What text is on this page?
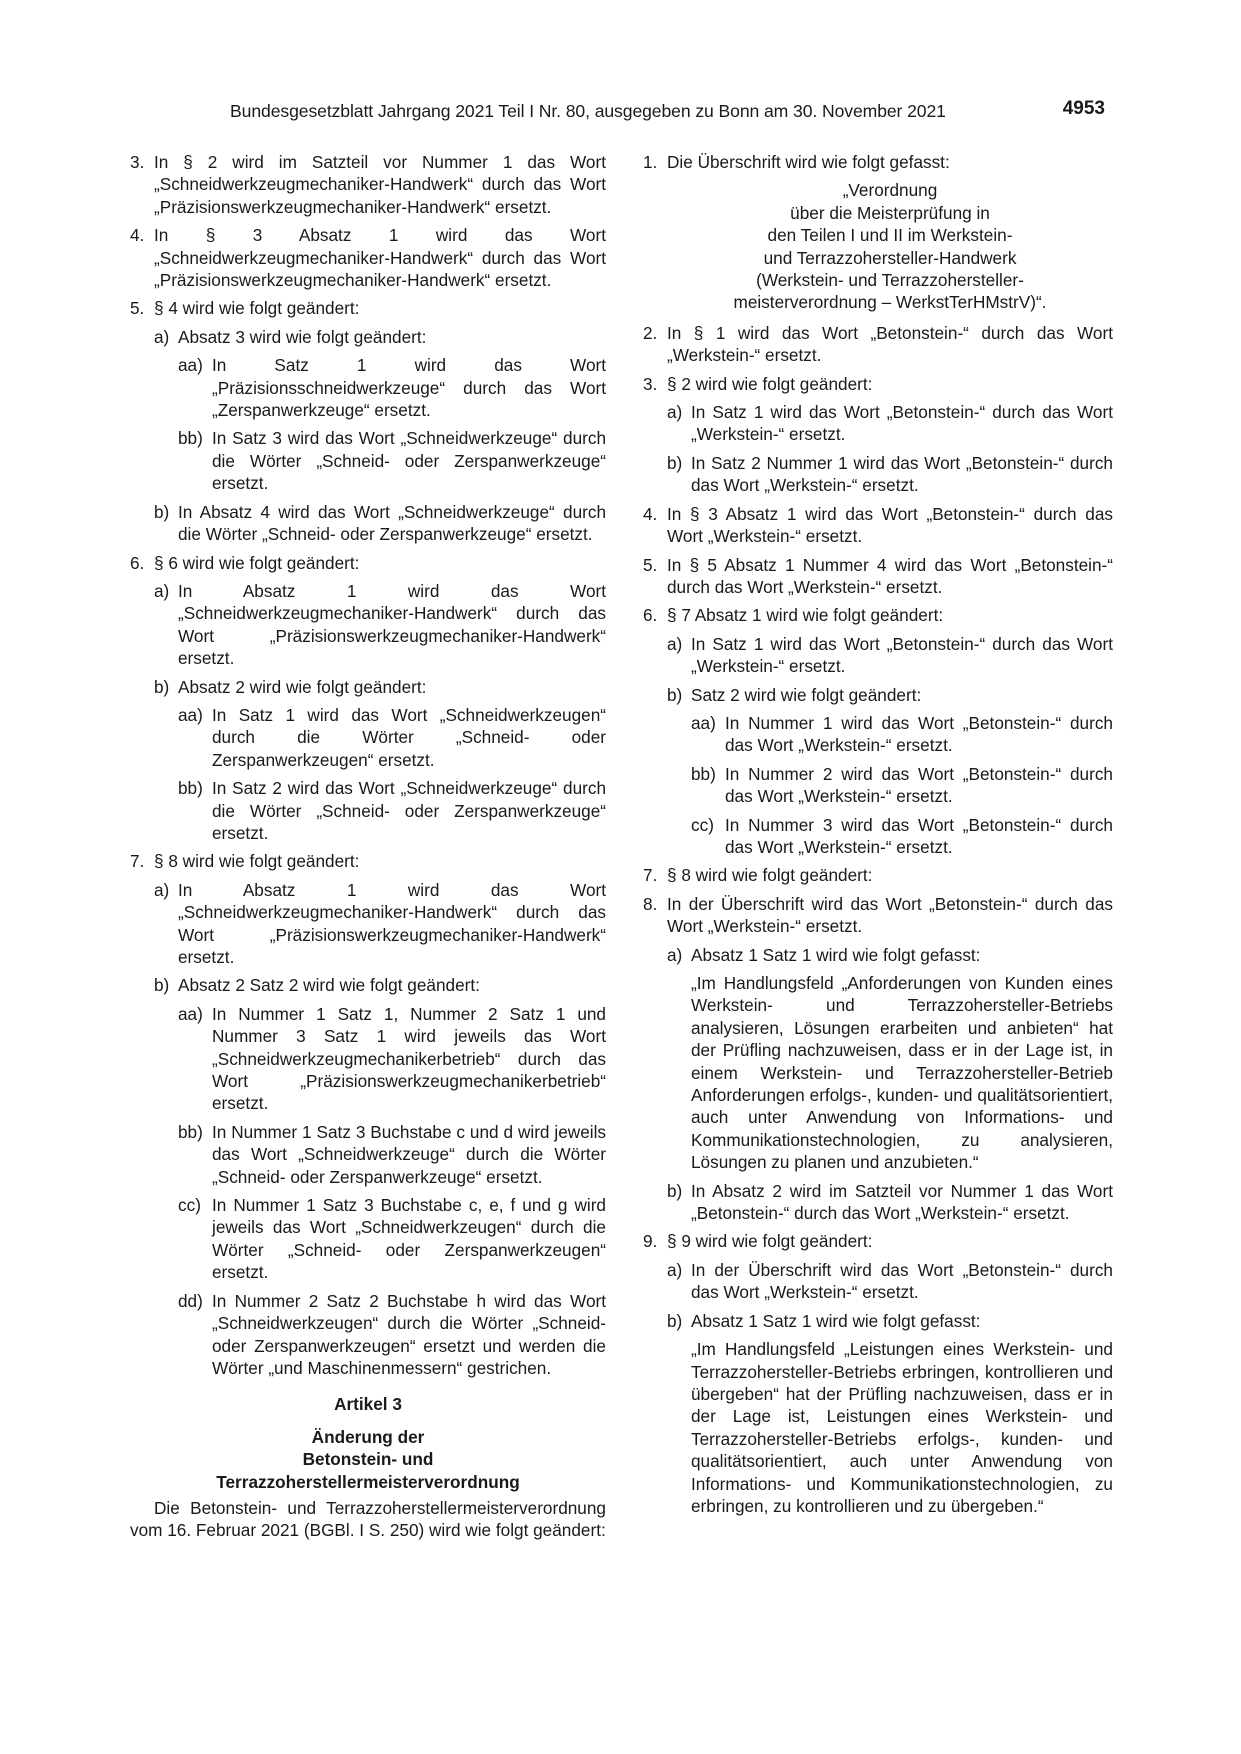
Bundesgesetzblatt Jahrgang 2021 Teil I Nr. 80, ausgegeben zu Bonn am 30. November 2021	4953
3. In § 2 wird im Satzteil vor Nummer 1 das Wort „Schneidwerkzeugmechaniker-Handwerk“ durch das Wort „Präzisionswerkzeugmechaniker-Handwerk“ ersetzt.
4. In § 3 Absatz 1 wird das Wort „Schneidwerkzeugmechaniker-Handwerk“ durch das Wort „Präzisionswerkzeugmechaniker-Handwerk“ ersetzt.
5. § 4 wird wie folgt geändert:
a) Absatz 3 wird wie folgt geändert:
aa) In Satz 1 wird das Wort „Präzisionsschneidwerkzeuge“ durch das Wort „Zerspanwerkzeuge“ ersetzt.
bb) In Satz 3 wird das Wort „Schneidwerkzeuge“ durch die Wörter „Schneid- oder Zerspanwerkzeuge“ ersetzt.
b) In Absatz 4 wird das Wort „Schneidwerkzeuge“ durch die Wörter „Schneid- oder Zerspanwerkzeuge“ ersetzt.
6. § 6 wird wie folgt geändert:
a) In Absatz 1 wird das Wort „Schneidwerkzeugmechaniker-Handwerk“ durch das Wort „Präzisionswerkzeugmechaniker-Handwerk“ ersetzt.
b) Absatz 2 wird wie folgt geändert:
aa) In Satz 1 wird das Wort „Schneidwerkzeugen“ durch die Wörter „Schneid- oder Zerspanwerkzeugen“ ersetzt.
bb) In Satz 2 wird das Wort „Schneidwerkzeuge“ durch die Wörter „Schneid- oder Zerspanwerkzeuge“ ersetzt.
7. § 8 wird wie folgt geändert:
a) In Absatz 1 wird das Wort „Schneidwerkzeugmechaniker-Handwerk“ durch das Wort „Präzisionswerkzeugmechaniker-Handwerk“ ersetzt.
b) Absatz 2 Satz 2 wird wie folgt geändert:
aa) In Nummer 1 Satz 1, Nummer 2 Satz 1 und Nummer 3 Satz 1 wird jeweils das Wort „Schneidwerkzeugmechanikerbetrieb“ durch das Wort „Präzisionswerkzeugmechanikerbetrieb“ ersetzt.
bb) In Nummer 1 Satz 3 Buchstabe c und d wird jeweils das Wort „Schneidwerkzeuge“ durch die Wörter „Schneid- oder Zerspanwerkzeuge“ ersetzt.
cc) In Nummer 1 Satz 3 Buchstabe c, e, f und g wird jeweils das Wort „Schneidwerkzeugen“ durch die Wörter „Schneid- oder Zerspanwerkzeugen“ ersetzt.
dd) In Nummer 2 Satz 2 Buchstabe h wird das Wort „Schneidwerkzeugen“ durch die Wörter „Schneid- oder Zerspanwerkzeugen“ ersetzt und werden die Wörter „und Maschinenmessern“ gestrichen.
Artikel 3
Änderung der
Betonstein- und
Terrazzoherstellermeisterverordnung
Die Betonstein- und Terrazzoherstellermeisterverordnung vom 16. Februar 2021 (BGBl. I S. 250) wird wie folgt geändert:
1. Die Überschrift wird wie folgt gefasst:
„Verordnung
über die Meisterprüfung in
den Teilen I und II im Werkstein-
und Terrazzohersteller-Handwerk
(Werkstein- und Terrazzohersteller-
meisterverordnung – WerkstTerHMstrV)“.
2. In § 1 wird das Wort „Betonstein-“ durch das Wort „Werkstein-“ ersetzt.
3. § 2 wird wie folgt geändert:
a) In Satz 1 wird das Wort „Betonstein-“ durch das Wort „Werkstein-“ ersetzt.
b) In Satz 2 Nummer 1 wird das Wort „Betonstein-“ durch das Wort „Werkstein-“ ersetzt.
4. In § 3 Absatz 1 wird das Wort „Betonstein-“ durch das Wort „Werkstein-“ ersetzt.
5. In § 5 Absatz 1 Nummer 4 wird das Wort „Betonstein-“ durch das Wort „Werkstein-“ ersetzt.
6. § 7 Absatz 1 wird wie folgt geändert:
a) In Satz 1 wird das Wort „Betonstein-“ durch das Wort „Werkstein-“ ersetzt.
b) Satz 2 wird wie folgt geändert:
aa) In Nummer 1 wird das Wort „Betonstein-“ durch das Wort „Werkstein-“ ersetzt.
bb) In Nummer 2 wird das Wort „Betonstein-“ durch das Wort „Werkstein-“ ersetzt.
cc) In Nummer 3 wird das Wort „Betonstein-“ durch das Wort „Werkstein-“ ersetzt.
7. § 8 wird wie folgt geändert:
8. In der Überschrift wird das Wort „Betonstein-“ durch das Wort „Werkstein-“ ersetzt.
a) Absatz 1 Satz 1 wird wie folgt gefasst:
„Im Handlungsfeld „Anforderungen von Kunden eines Werkstein- und Terrazzohersteller-Betriebs analysieren, Lösungen erarbeiten und anbieten“ hat der Prüfling nachzuweisen, dass er in der Lage ist, in einem Werkstein- und Terrazzohersteller-Betrieb Anforderungen erfolgs-, kunden- und qualitätsorientiert, auch unter Anwendung von Informations- und Kommunikationstechnologien, zu analysieren, Lösungen zu planen und anzubieten.“
b) In Absatz 2 wird im Satzteil vor Nummer 1 das Wort „Betonstein-“ durch das Wort „Werkstein-“ ersetzt.
9. § 9 wird wie folgt geändert:
a) In der Überschrift wird das Wort „Betonstein-“ durch das Wort „Werkstein-“ ersetzt.
b) Absatz 1 Satz 1 wird wie folgt gefasst:
„Im Handlungsfeld „Leistungen eines Werkstein- und Terrazzohersteller-Betriebs erbringen, kontrollieren und übergeben“ hat der Prüfling nachzuweisen, dass er in der Lage ist, Leistungen eines Werkstein- und Terrazzohersteller-Betriebs erfolgs-, kunden- und qualitätsorientiert, auch unter Anwendung von Informations- und Kommunikationstechnologien, zu erbringen, zu kontrollieren und zu übergeben.“
